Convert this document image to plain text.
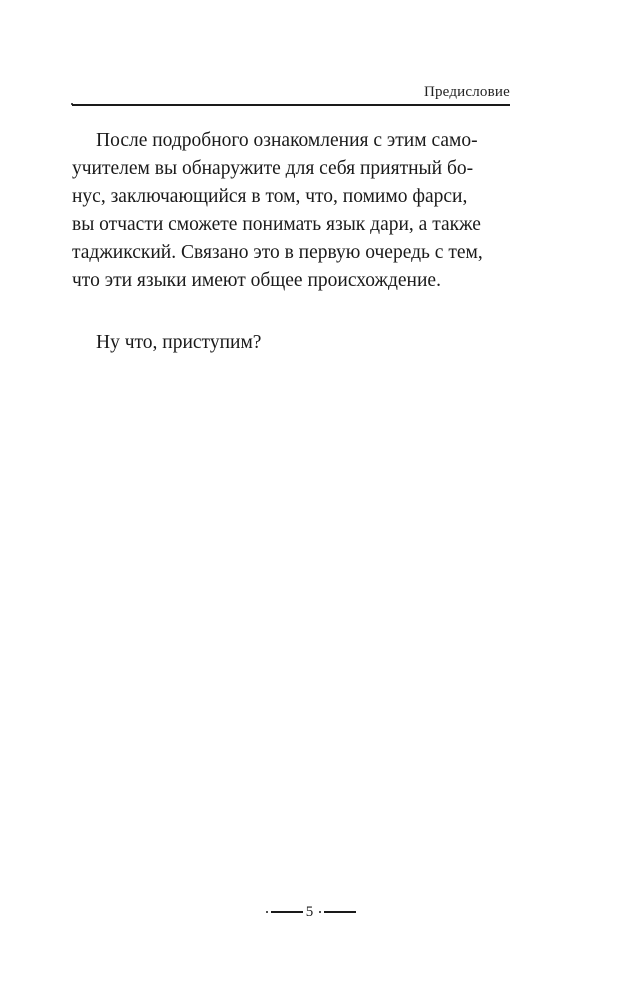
Предисловие

После подробного ознакомления с этим само-
учителем вы обнаружите для себя приятный бо-
нус, заключающийся в том, что, помимо фарси,
вы отчасти сможете понимать язык дари, а также
таджикский. Связано это в первую очередь с тем,
что эти языки имеют общее происхождение.

Ну что, приступим?

5
